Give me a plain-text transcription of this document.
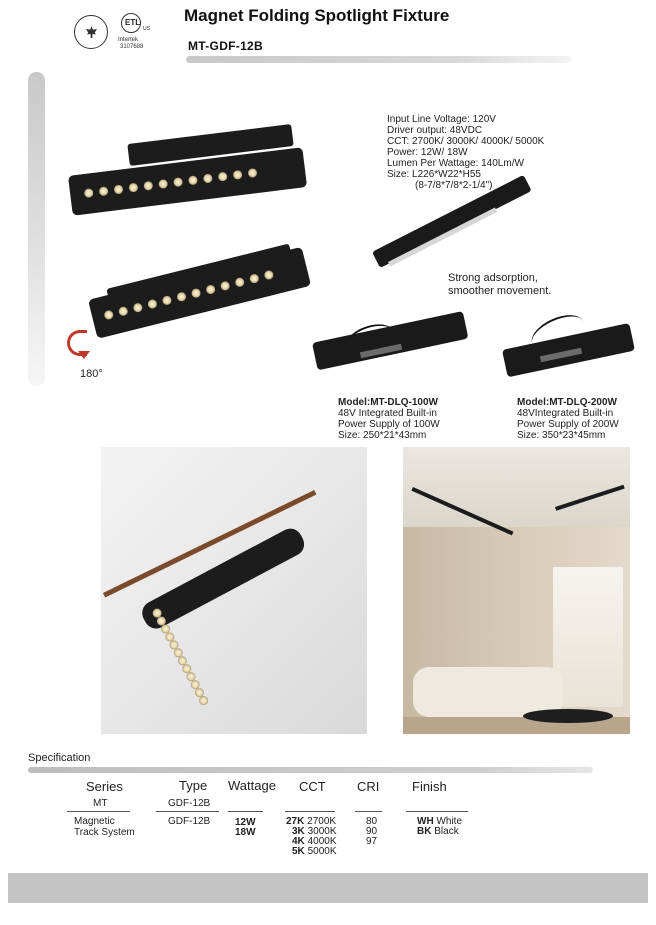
ETL
US
Intertek
3107688
Magnet Folding Spotlight Fixture
MT-GDF-12B
180°
Input Line Voltage: 120V
Driver output: 48VDC
CCT: 2700K/ 3000K/ 4000K/ 5000K
Power: 12W/ 18W
Lumen Per Wattage: 140Lm/W
Size: L226*W22*H55
(8-7/8*7/8*2-1/4")
Strong adsorption,
smoother movement.
Model:MT-DLQ-100W
48V Integrated Built-in
Power Supply of 100W
Size: 250*21*43mm
Model:MT-DLQ-200W
48VIntegrated Built-in
Power Supply of 200W
Size: 350*23*45mm
Specification
Series	Type Wattage CCT CRI	Finish
MT
Magnetic
Track System
GDF-12B
GDF-12B 12W
18W
27K 2700K
3K 3000K
4K 4000K
5K 5000K
80
90
97
WH White
BK Black
